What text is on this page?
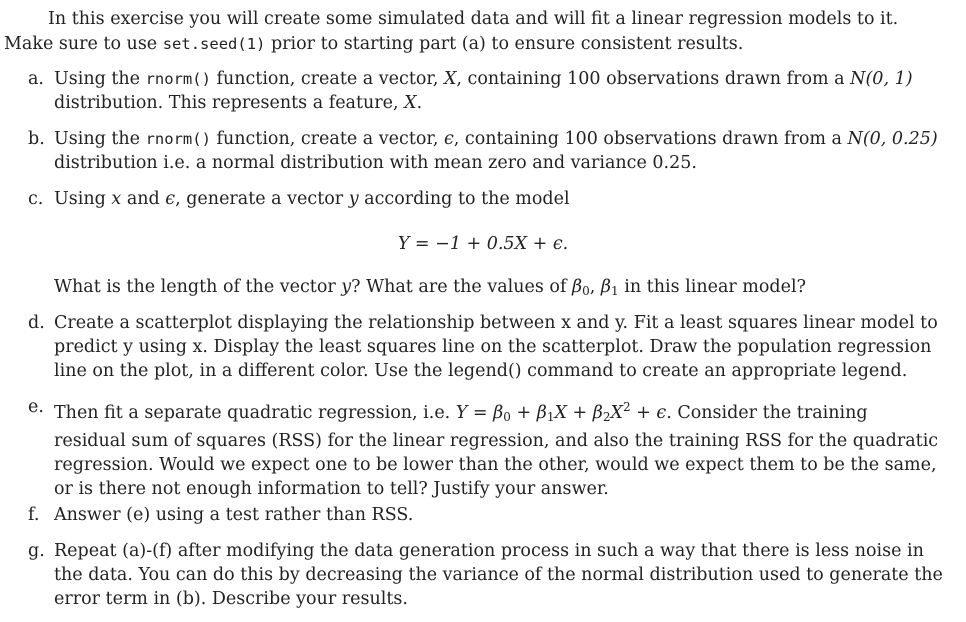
In this exercise you will create some simulated data and will fit a linear regression models to it. Make sure to use set.seed(1) prior to starting part (a) to ensure consistent results.
a. Using the rnorm() function, create a vector, X, containing 100 observations drawn from a N(0, 1) distribution. This represents a feature, X.
b. Using the rnorm() function, create a vector, ϵ, containing 100 observations drawn from a N(0, 0.25) distribution i.e. a normal distribution with mean zero and variance 0.25.
c. Using x and ϵ, generate a vector y according to the model
Y = −1 + 0.5X + ϵ.
What is the length of the vector y? What are the values of $\beta_0$, $\beta_1$ in this linear model?
d. Create a scatterplot displaying the relationship between x and y. Fit a least squares linear model to predict y using x. Display the least squares line on the scatterplot. Draw the population regression line on the plot, in a different color. Use the legend() command to create an appropriate legend.
e. Then fit a separate quadratic regression, i.e. $Y = \beta_0 + \beta_1X + \beta_2X^2 + \epsilon$. Consider the training residual sum of squares (RSS) for the linear regression, and also the training RSS for the quadratic regression. Would we expect one to be lower than the other, would we expect them to be the same, or is there not enough information to tell? Justify your answer.
f. Answer (e) using a test rather than RSS.
g. Repeat (a)-(f) after modifying the data generation process in such a way that there is less noise in the data. You can do this by decreasing the variance of the normal distribution used to generate the error term in (b). Describe your results.
